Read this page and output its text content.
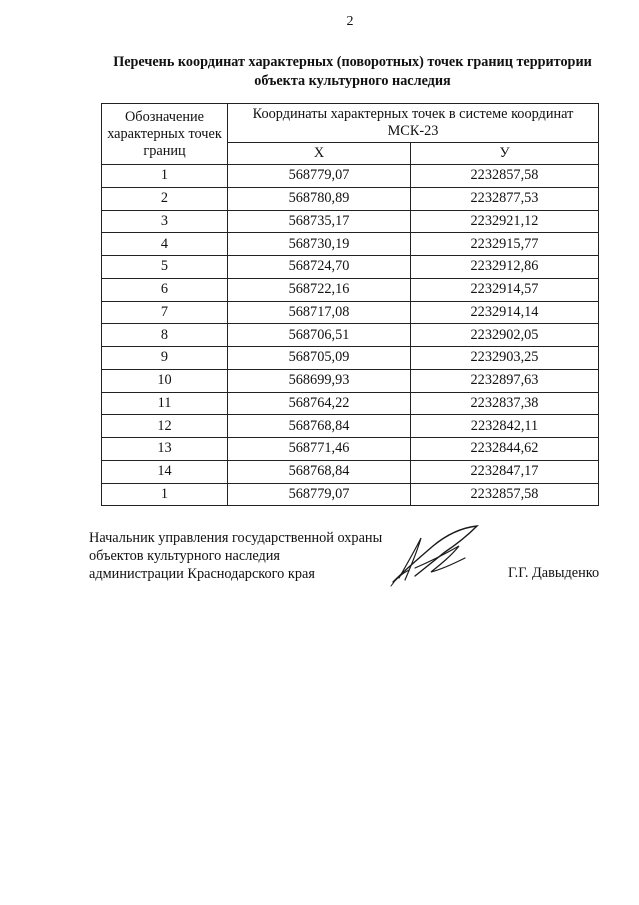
2
Перечень координат характерных (поворотных) точек границ территории
объекта культурного наследия
Обозначение характерных точек границ	Координаты характерных точек в системе координат МСК-23	
	X	У
1	568779,07	2232857,58
2	568780,89	2232877,53
3	568735,17	2232921,12
4	568730,19	2232915,77
5	568724,70	2232912,86
6	568722,16	2232914,57
7	568717,08	2232914,14
8	568706,51	2232902,05
9	568705,09	2232903,25
10	568699,93	2232897,63
11	568764,22	2232837,38
12	568768,84	2232842,11
13	568771,46	2232844,62
14	568768,84	2232847,17
1	568779,07	2232857,58
Начальник управления государственной охраны
объектов культурного наследия
администрации Краснодарского края	Г.Г. Давыденко
